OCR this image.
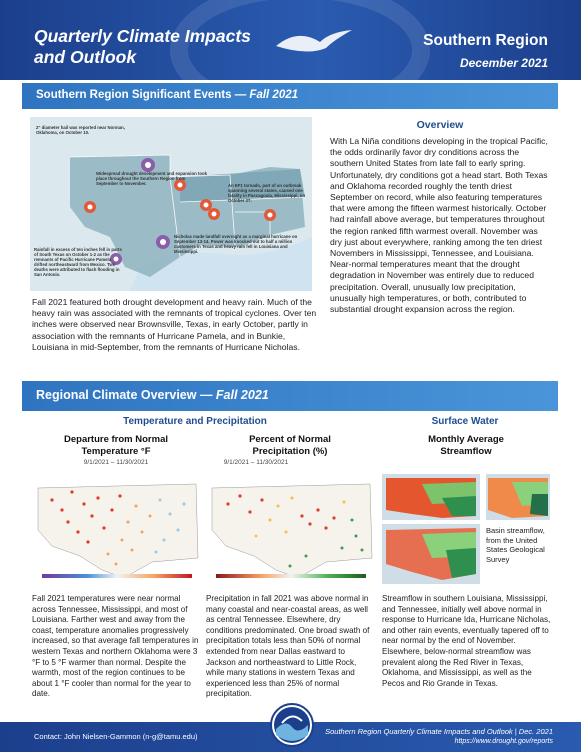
Quarterly Climate Impacts
and Outlook
Southern Region
December 2021
Southern Region Significant Events — Fall 2021
2" diameter hail was reported near Norman, Oklahoma, on October 10.
Widespread drought development and expansion took place throughout the Southern Region from September to November.	An EF1 tornado, part of an outbreak spanning several states, caused one fatality in Pascagoula, Mississippi, on October 27.
Rainfall in excess of ten inches fell in parts of South Texas on October 1-2 as the remnants of Pacific Hurricane Pamela drifted northeastward from Mexico. Two deaths were attributed to flash flooding in San Antonio.
Nicholas made landfall overnight as a marginal hurricane on September 13-14. Power was knocked out to half a million customers in Texas and heavy rain fell in Louisiana and Mississippi.
Fall 2021 featured both drought development and heavy rain. Much of the heavy rain was associated with the remnants of tropical cyclones. Over ten inches were observed near Brownsville, Texas, in early October, partly in association with the remnants of Hurricane Pamela, and in Bunkie, Louisiana in mid-September, from the remnants of Hurricane Nicholas.
Overview
With La Niña conditions developing in the tropical Pacific, the odds ordinarily favor dry conditions across the southern United States from late fall to early spring. Unfortunately, dry conditions got a head start. Both Texas and Oklahoma recorded roughly the tenth driest September on record, while also featuring temperatures that were among the fifteen warmest historically. October had rainfall above average, but temperatures throughout the region ranked fifth warmest overall. November was dry just about everywhere, ranking among the ten driest Novembers in Mississippi, Tennessee, and Louisiana. Near-normal temperatures meant that the drought degradation in November was entirely due to reduced precipitation. Overall, unusually low precipitation, unusually high temperatures, or both, contributed to substantial drought expansion across the region.
Regional Climate Overview — Fall 2021
Temperature and Precipitation	Surface Water
Departure from Normal
Temperature °F
9/1/2021 – 11/30/2021
Fall 2021 temperatures were near normal across Tennessee, Mississippi, and most of Louisiana. Farther west and away from the coast, temperature anomalies progressively increased, so that average fall temperatures in western Texas and northern Oklahoma were 3 °F to 5 °F warmer than normal. Despite the warmth, most of the region continues to be about 1 °F cooler than normal for the year to date.
Percent of Normal
Precipitation (%)
9/1/2021 – 11/30/2021
Precipitation in fall 2021 was above normal in many coastal and near-coastal areas, as well as central Tennessee. Elsewhere, dry conditions predominated. One broad swath of precipitation totals less than 50% of normal extended from near Dallas eastward to Jackson and northeastward to Little Rock, while many stations in western Texas and experienced less than 25% of normal precipitation.
Monthly Average
Streamflow
Basin streamflow, from the United States Geological Survey
Streamflow in southern Louisiana, Mississippi, and Tennessee, initially well above normal in response to Hurricane Ida, Hurricane Nicholas, and other rain events, eventually tapered off to near normal by the end of November. Elsewhere, below-normal streamflow was prevalent along the Red River in Texas, Oklahoma, and Mississippi, as well as the Pecos and Rio Grande in Texas.
Contact: John Nielsen-Gammon (n-g@tamu.edu)
Southern Region Quarterly Climate Impacts and Outlook | Dec. 2021
https://www.drought.gov/reports
